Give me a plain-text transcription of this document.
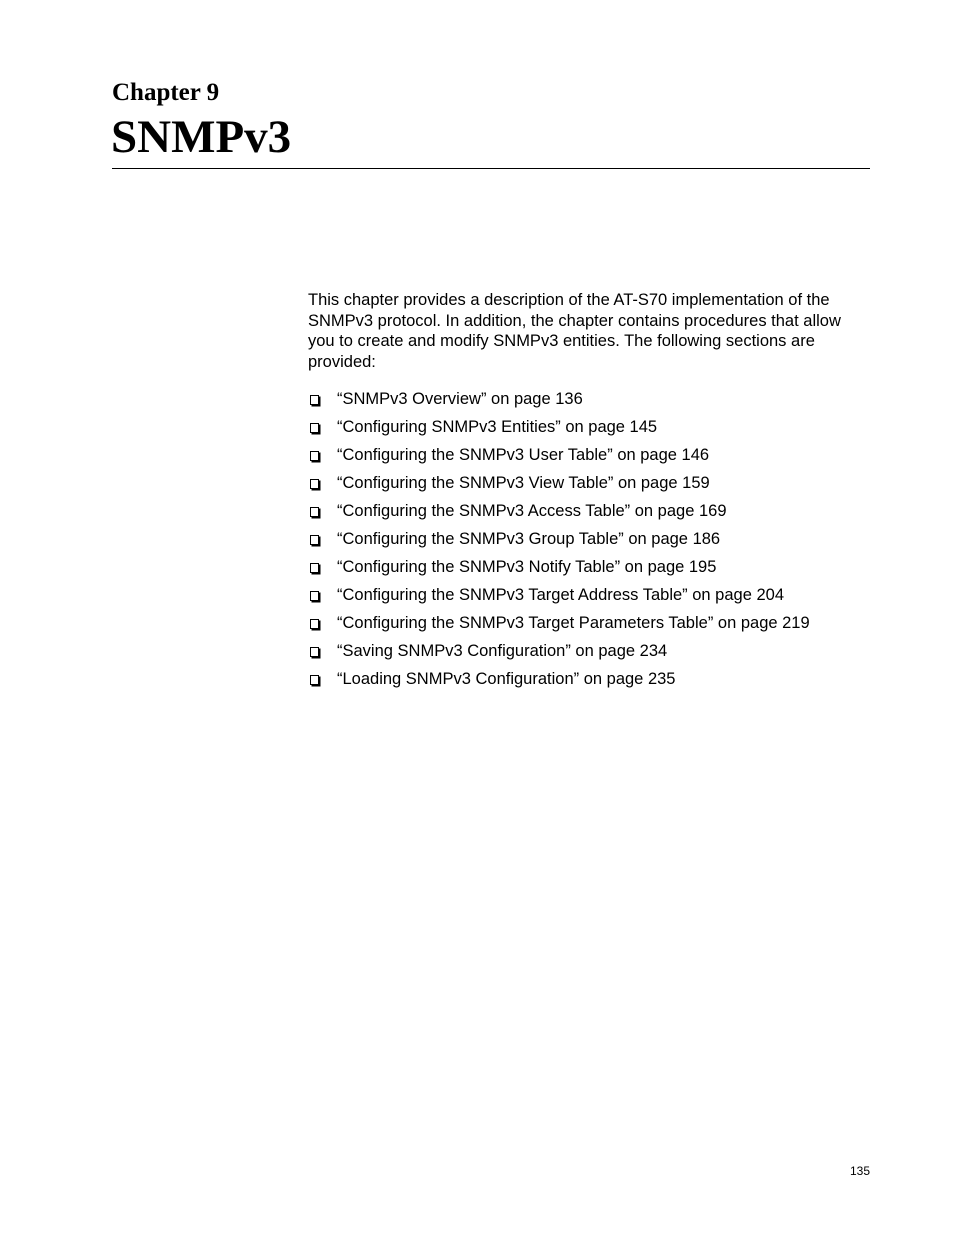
Chapter 9
SNMPv3

This chapter provides a description of the AT-S70 implementation of the SNMPv3 protocol. In addition, the chapter contains procedures that allow you to create and modify SNMPv3 entities. The following sections are provided:

“SNMPv3 Overview” on page 136
“Configuring SNMPv3 Entities” on page 145
“Configuring the SNMPv3 User Table” on page 146
“Configuring the SNMPv3 View Table” on page 159
“Configuring the SNMPv3 Access Table” on page 169
“Configuring the SNMPv3 Group Table” on page 186
“Configuring the SNMPv3 Notify Table” on page 195
“Configuring the SNMPv3 Target Address Table” on page 204
“Configuring the SNMPv3 Target Parameters Table” on page 219
“Saving SNMPv3 Configuration” on page 234
“Loading SNMPv3 Configuration” on page 235
135
